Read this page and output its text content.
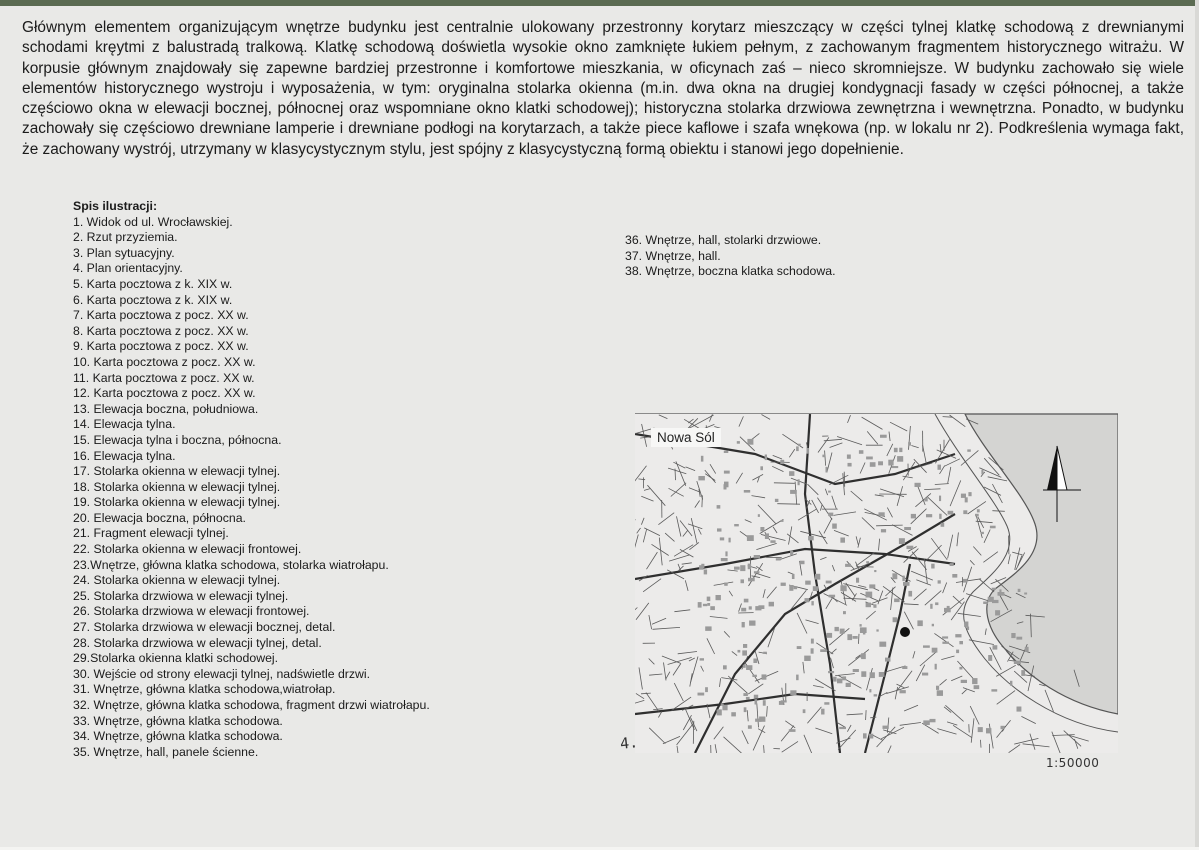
Głównym elementem organizującym wnętrze budynku jest centralnie ulokowany przestronny korytarz mieszczący w części tylnej klatkę schodową z drewnianymi schodami kręytmi z balustradą tralkową. Klatkę schodową doświetla wysokie okno zamknięte łukiem pełnym, z zachowanym fragmentem historycznego witrażu. W korpusie głównym znajdowały się zapewne bardziej przestronne i komfortowe mieszkania, w oficynach zaś – nieco skromniejsze. W budynku zachowało się wiele elementów historycznego wystroju i wyposażenia, w tym: oryginalna stolarka okienna (m.in. dwa okna na drugiej kondygnacji fasady w części północnej, a także częściowo okna w elewacji bocznej, północnej oraz wspomniane okno klatki schodowej); historyczna stolarka drzwiowa zewnętrzna i wewnętrzna. Ponadto, w budynku zachowały się częściowo drewniane lamperie i drewniane podłogi na korytarzach, a także piece kaflowe i szafa wnękowa (np. w lokalu nr 2). Podkreślenia wymaga fakt, że zachowany wystrój, utrzymany w klasycystycznym stylu, jest spójny z klasycystyczną formą obiektu i stanowi jego dopełnienie.

Spis ilustracji:

1. Widok od ul. Wrocławskiej.
2. Rzut przyziemia.
3. Plan sytuacyjny.
4. Plan orientacyjny.
5. Karta pocztowa z k. XIX w.
6. Karta pocztowa z k. XIX w.
7. Karta pocztowa z pocz. XX w.
8. Karta pocztowa z pocz. XX w.
9. Karta pocztowa z pocz. XX w.
10. Karta pocztowa z pocz. XX w.
11. Karta pocztowa z pocz. XX w.
12. Karta pocztowa z pocz. XX w.
13. Elewacja boczna, południowa.
14. Elewacja tylna.
15. Elewacja tylna i boczna, północna.
16. Elewacja tylna.
17. Stolarka okienna w elewacji tylnej.
18. Stolarka okienna w elewacji tylnej.
19. Stolarka okienna w elewacji tylnej.
20. Elewacja boczna, północna.
21. Fragment elewacji tylnej.
22. Stolarka okienna w elewacji frontowej.
23.Wnętrze, główna klatka schodowa, stolarka wiatrołapu.
24. Stolarka okienna w elewacji tylnej.
25. Stolarka drzwiowa w elewacji tylnej.
26. Stolarka drzwiowa w elewacji frontowej.
27. Stolarka drzwiowa w elewacji bocznej, detal.
28. Stolarka drzwiowa w elewacji tylnej, detal.
29.Stolarka okienna klatki schodowej.
30. Wejście od strony elewacji tylnej, nadświetle drzwi.
31. Wnętrze, główna klatka schodowa,wiatrołap.
32. Wnętrze, główna klatka schodowa, fragment drzwi wiatrołapu.
33. Wnętrze, główna klatka schodowa.
34. Wnętrze, główna klatka schodowa.
35. Wnętrze, hall, panele ścienne.
36. Wnętrze, hall, stolarki drzwiowe.
37. Wnętrze, hall.
38. Wnętrze, boczna klatka schodowa.
Nowa Sól
4.
1:50000
